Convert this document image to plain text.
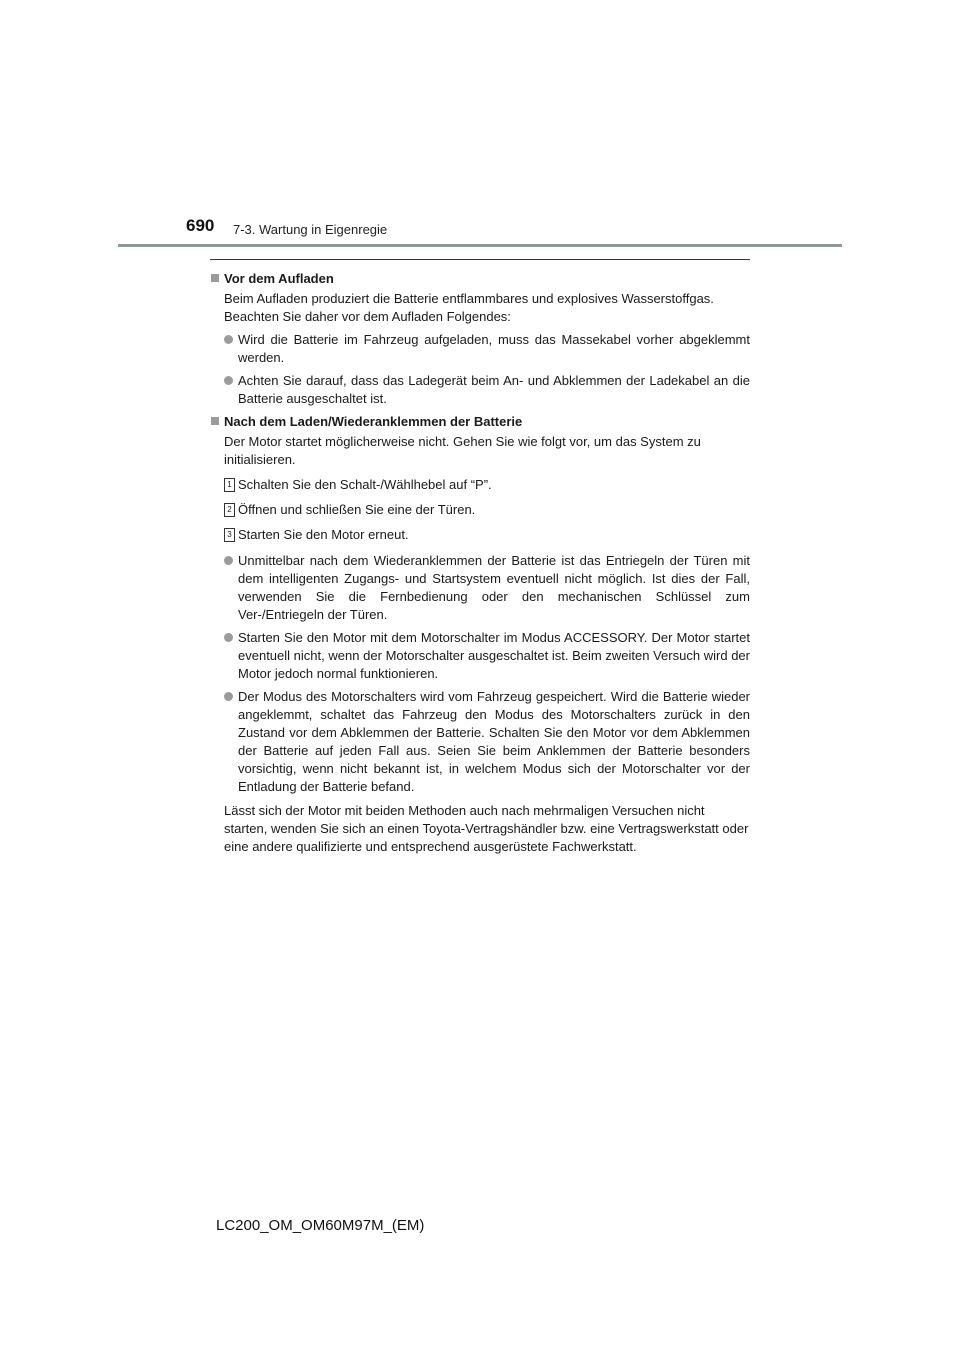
690 7-3. Wartung in Eigenregie

Vor dem Aufladen

Beim Aufladen produziert die Batterie entflammbares und explosives Wasserstoffgas. Beachten Sie daher vor dem Aufladen Folgendes:

Wird die Batterie im Fahrzeug aufgeladen, muss das Massekabel vorher abgeklemmt werden.

Achten Sie darauf, dass das Ladegerät beim An- und Abklemmen der Ladekabel an die Batterie ausgeschaltet ist.

Nach dem Laden/Wiederanklemmen der Batterie

Der Motor startet möglicherweise nicht. Gehen Sie wie folgt vor, um das System zu initialisieren.

1 Schalten Sie den Schalt-/Wählhebel auf “P”.

2 Öffnen und schließen Sie eine der Türen.

3 Starten Sie den Motor erneut.

Unmittelbar nach dem Wiederanklemmen der Batterie ist das Entriegeln der Türen mit dem intelligenten Zugangs- und Startsystem eventuell nicht möglich. Ist dies der Fall, verwenden Sie die Fernbedienung oder den mechanischen Schlüssel zum Ver-/Entriegeln der Türen.

Starten Sie den Motor mit dem Motorschalter im Modus ACCESSORY. Der Motor startet eventuell nicht, wenn der Motorschalter ausgeschaltet ist. Beim zweiten Versuch wird der Motor jedoch normal funktionieren.

Der Modus des Motorschalters wird vom Fahrzeug gespeichert. Wird die Batterie wieder angeklemmt, schaltet das Fahrzeug den Modus des Motorschalters zurück in den Zustand vor dem Abklemmen der Batterie. Schalten Sie den Motor vor dem Abklemmen der Batterie auf jeden Fall aus. Seien Sie beim Anklemmen der Batterie besonders vorsichtig, wenn nicht bekannt ist, in welchem Modus sich der Motorschalter vor der Entladung der Batterie befand.

Lässt sich der Motor mit beiden Methoden auch nach mehrmaligen Versuchen nicht starten, wenden Sie sich an einen Toyota-Vertragshändler bzw. eine Vertragswerkstatt oder eine andere qualifizierte und entsprechend ausgerüstete Fachwerkstatt.

LC200_OM_OM60M97M_(EM)
